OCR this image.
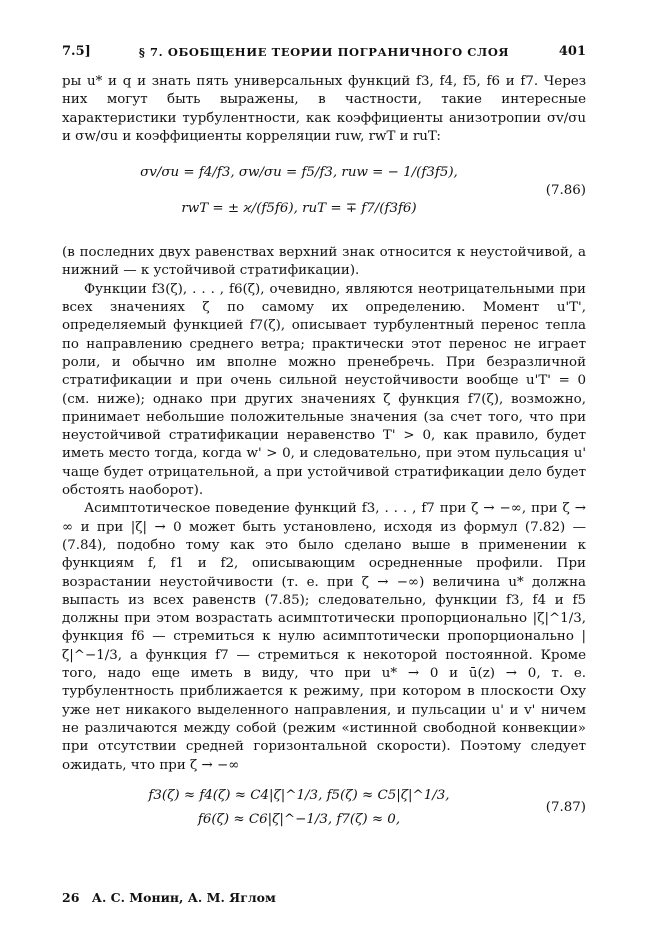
7.5]	§ 7. ОБОБЩЕНИЕ ТЕОРИИ ПОГРАНИЧНОГО СЛОЯ	401

ры u* и q и знать пять универсальных функций f3, f4, f5, f6 и f7. Через них могут быть выражены, в частности, такие интересные характеристики турбулентности, как коэффициенты анизотропии σv/σu и σw/σu и коэффициенты корреляции ruw, rwT и ruT:

σv/σu = f4/f3, σw/σu = f5/f3, ruw = − 1/(f3f5),
rwT = ± ϰ/(f5f6), ruT = ∓ f7/(f3f6)
(7.86)

(в последних двух равенствах верхний знак относится к неустойчивой, а нижний — к устойчивой стратификации).

Функции f3(ζ), . . . , f6(ζ), очевидно, являются неотрицательными при всех значениях ζ по самому их определению. Момент u'T', определяемый функцией f7(ζ), описывает турбулентный перенос тепла по направлению среднего ветра; практически этот перенос не играет роли, и обычно им вполне можно пренебречь. При безразличной стратификации и при очень сильной неустойчивости вообще u'T' = 0 (см. ниже); однако при других значениях ζ функция f7(ζ), возможно, принимает небольшие положительные значения (за счет того, что при неустойчивой стратификации неравенство T' > 0, как правило, будет иметь место тогда, когда w' > 0, и следовательно, при этом пульсация u' чаще будет отрицательной, а при устойчивой стратификации дело будет обстоять наоборот).

Асимптотическое поведение функций f3, . . . , f7 при ζ → −∞, при ζ → ∞ и при |ζ| → 0 может быть установлено, исходя из формул (7.82) — (7.84), подобно тому как это было сделано выше в применении к функциям f, f1 и f2, описывающим осредненные профили. При возрастании неустойчивости (т. е. при ζ → −∞) величина u* должна выпасть из всех равенств (7.85); следовательно, функции f3, f4 и f5 должны при этом возрастать асимптотически пропорционально |ζ|^1/3, функция f6 — стремиться к нулю асимптотически пропорционально |ζ|^−1/3, а функция f7 — стремиться к некоторой постоянной. Кроме того, надо еще иметь в виду, что при u* → 0 и ū(z) → 0, т. е. турбулентность приближается к режиму, при котором в плоскости Oxy уже нет никакого выделенного направления, и пульсации u' и v' ничем не различаются между собой (режим «истинной свободной конвекции» при отсутствии средней горизонтальной скорости). Поэтому следует ожидать, что при ζ → −∞

f3(ζ) ≈ f4(ζ) ≈ C4|ζ|^1/3, f5(ζ) ≈ C5|ζ|^1/3,
f6(ζ) ≈ C6|ζ|^−1/3, f7(ζ) ≈ 0,
(7.87)
26 А. С. Монин, А. М. Яглом
